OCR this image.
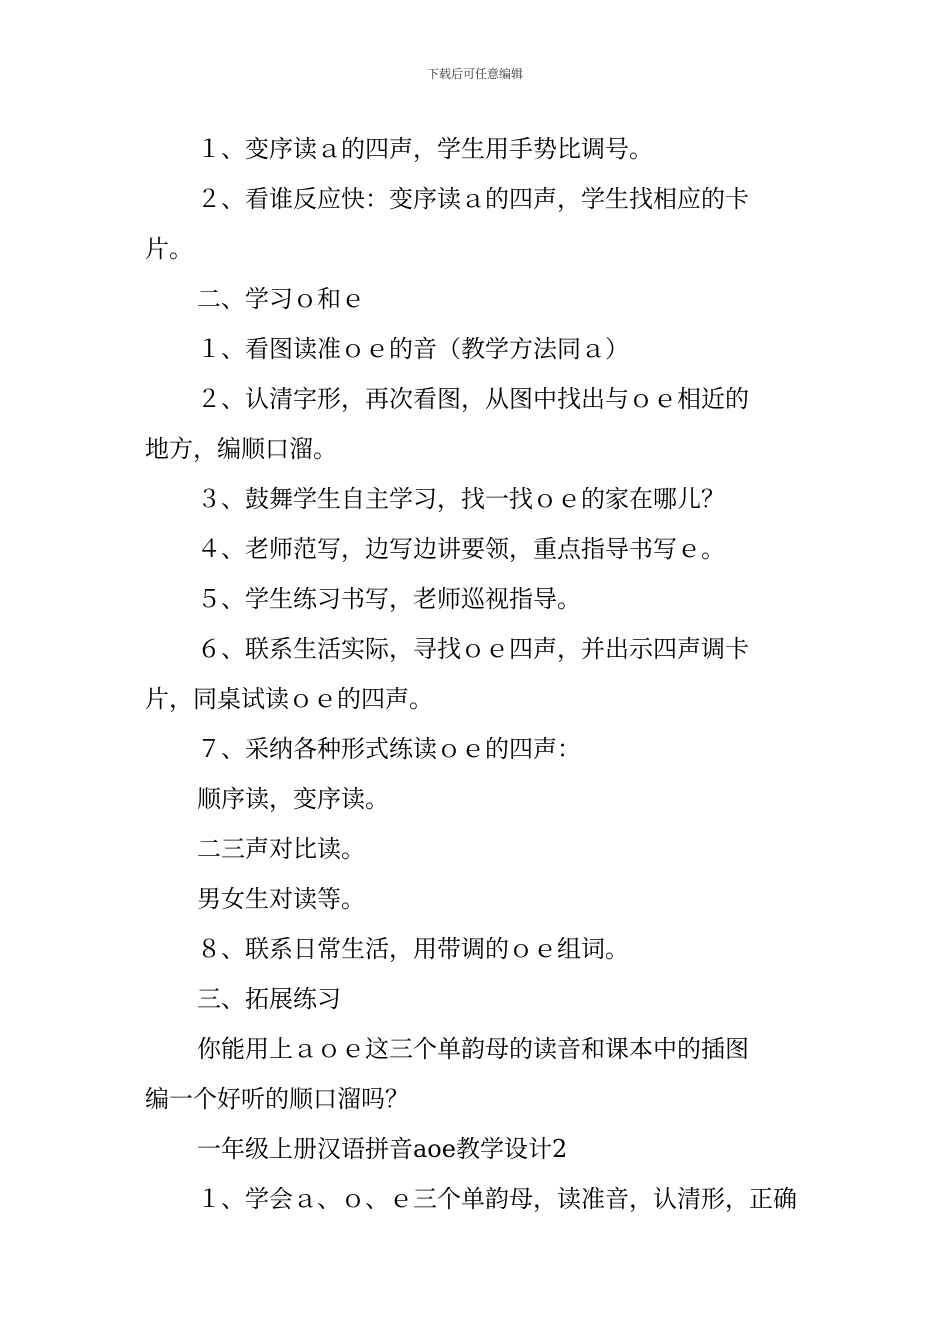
下载后可任意编辑
１、变序读ａ的四声，学生用手势比调号。
２、看谁反应快：变序读ａ的四声，学生找相应的卡
片。
二、学习ｏ和ｅ
１、看图读准ｏｅ的音（教学方法同ａ）
２、认清字形，再次看图，从图中找出与ｏｅ相近的
地方，编顺口溜。
３、鼓舞学生自主学习，找一找ｏｅ的家在哪儿？
４、老师范写，边写边讲要领，重点指导书写ｅ。
５、学生练习书写，老师巡视指导。
６、联系生活实际，寻找ｏｅ四声，并出示四声调卡
片，同桌试读ｏｅ的四声。
７、采纳各种形式练读ｏｅ的四声：
顺序读，变序读。
二三声对比读。
男女生对读等。
８、联系日常生活，用带调的ｏｅ组词。
三、拓展练习
你能用上ａｏｅ这三个单韵母的读音和课本中的插图
编一个好听的顺口溜吗？
一年级上册汉语拼音aoe教学设计2
１、学会ａ、ｏ、ｅ三个单韵母，读准音，认清形，正确
